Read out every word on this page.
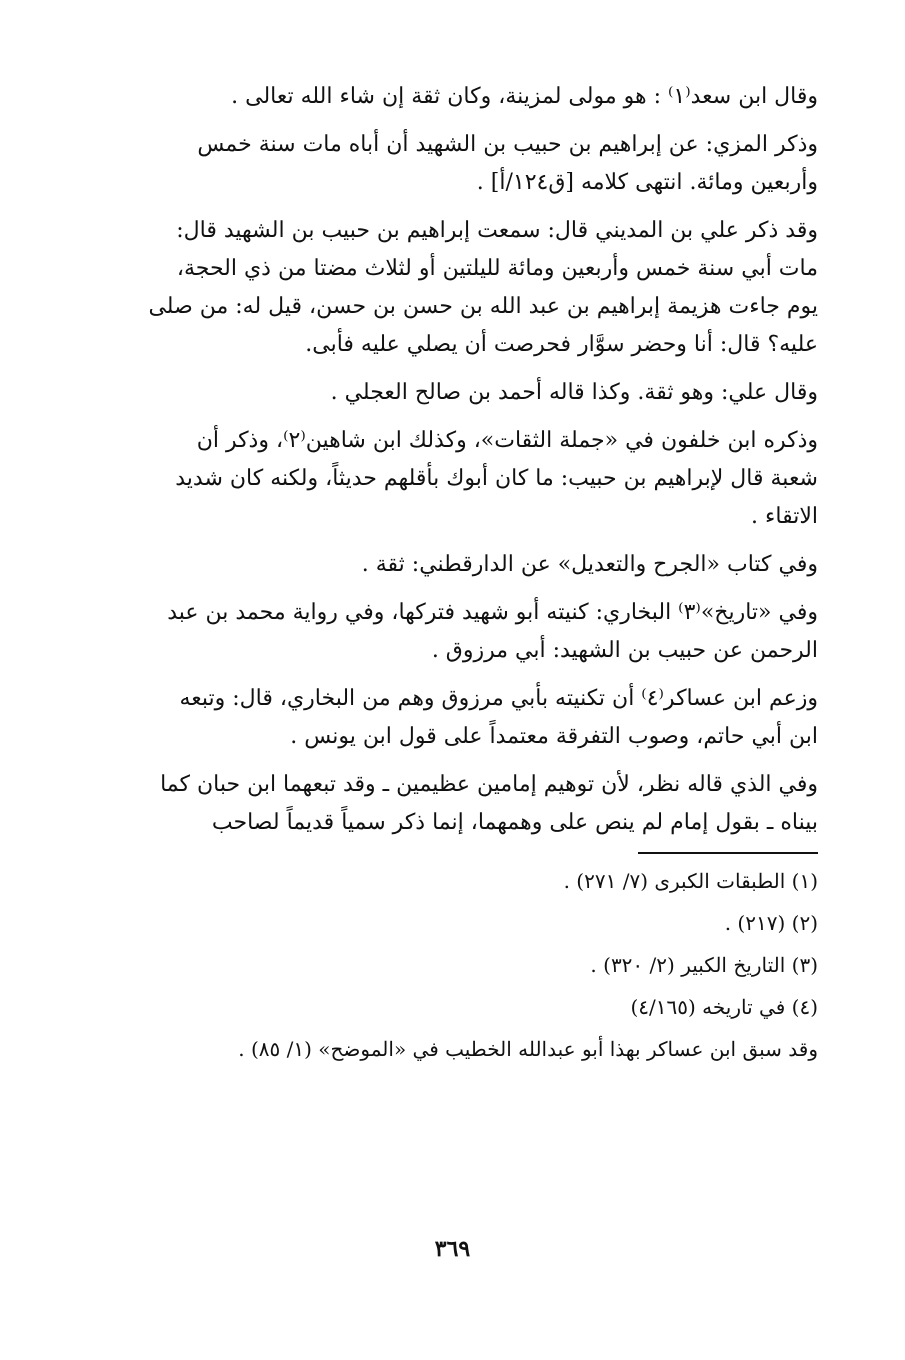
وقال ابن سعد⁽١⁾ : هو مولى لمزينة، وكان ثقة إن شاء الله تعالى .

وذكر المزي: عن إبراهيم بن حبيب بن الشهيد أن أباه مات سنة خمس
وأربعين ومائة. انتهى كلامه [ق١٢٤/أ] .

وقد ذكر علي بن المديني قال: سمعت إبراهيم بن حبيب بن الشهيد قال:
مات أبي سنة خمس وأربعين ومائة لليلتين أو لثلاث مضتا من ذي الحجة،
يوم جاءت هزيمة إبراهيم بن عبد الله بن حسن بن حسن، قيل له: من صلى
عليه؟ قال: أنا وحضر سوَّار فحرصت أن يصلي عليه فأبى.

وقال علي: وهو ثقة. وكذا قاله أحمد بن صالح العجلي .

وذكره ابن خلفون في «جملة الثقات»، وكذلك ابن شاهين⁽٢⁾، وذكر أن
شعبة قال لإبراهيم بن حبيب: ما كان أبوك بأقلهم حديثاً، ولكنه كان شديد
الاتقاء .

وفي كتاب «الجرح والتعديل» عن الدارقطني: ثقة .

وفي «تاريخ»⁽٣⁾ البخاري: كنيته أبو شهيد فتركها، وفي رواية محمد بن عبد
الرحمن عن حبيب بن الشهيد: أبي مرزوق .

وزعم ابن عساكر⁽٤⁾ أن تكنيته بأبي مرزوق وهم من البخاري، قال: وتبعه
ابن أبي حاتم، وصوب التفرقة معتمداً على قول ابن يونس .

وفي الذي قاله نظر، لأن توهيم إمامين عظيمين ـ وقد تبعهما ابن حبان كما
بيناه ـ بقول إمام لم ينص على وهمهما، إنما ذكر سمياً قديماً لصاحب

(١) الطبقات الكبرى (٧/ ٢٧١) .

(٢) (٢١٧) .

(٣) التاريخ الكبير (٢/ ٣٢٠) .

(٤) في تاريخه (٤/١٦٥)

وقد سبق ابن عساكر بهذا أبو عبدالله الخطيب في «الموضح» (١/ ٨٥) .

٣٦٩
